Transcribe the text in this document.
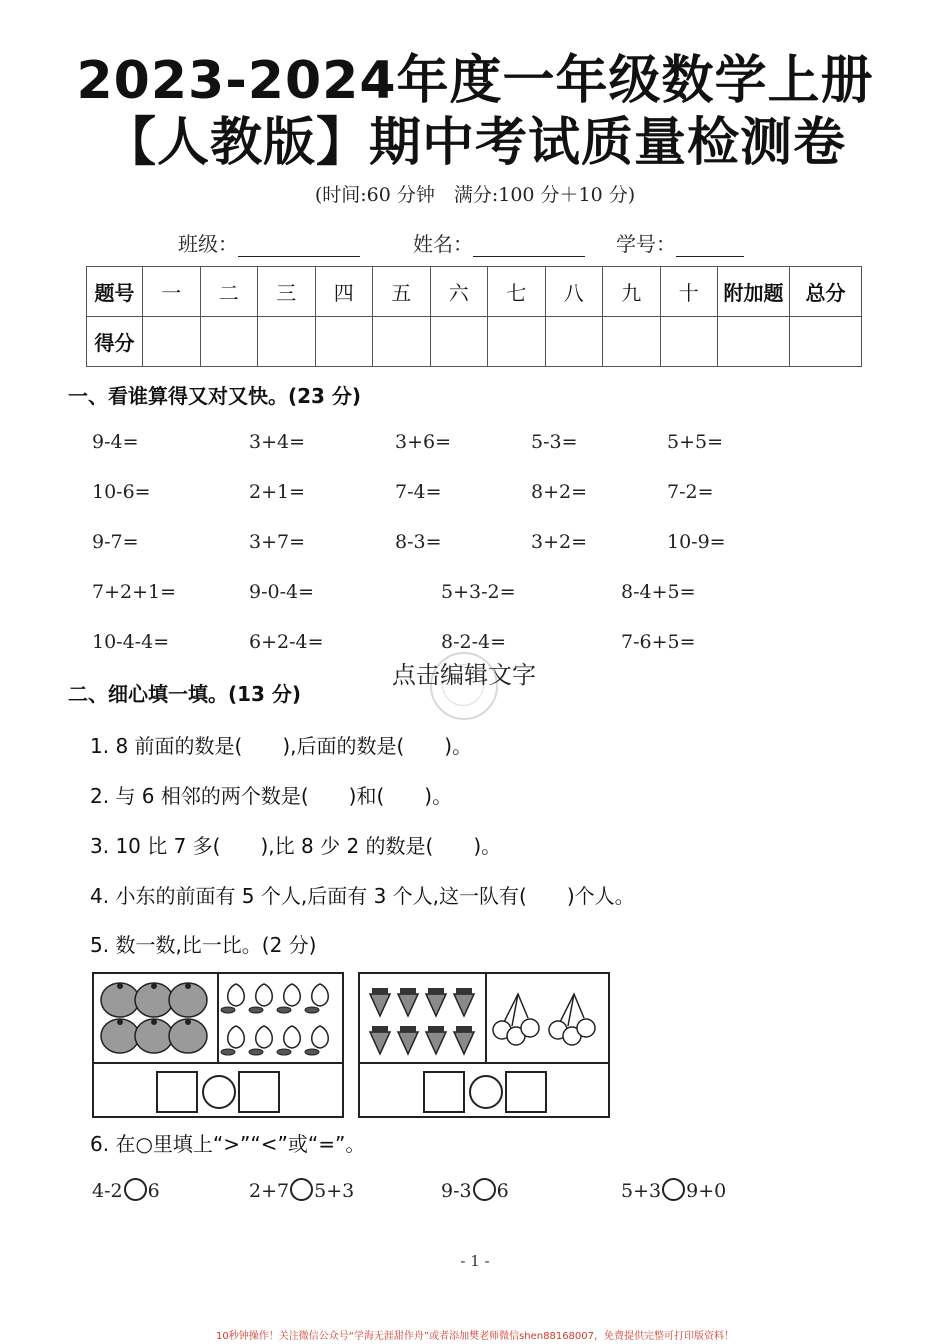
2023-2024年度一年级数学上册
【人教版】期中考试质量检测卷
(时间:60 分钟　满分:100 分＋10 分)
班级：	姓名：	学号：
题号	一	二	三	四	五	六	七	八	九	十	附加题	总分
得分												
一、看谁算得又对又快。(23 分)
9-4=	3+4=	3+6=	5-3=	5+5=
10-6=	2+1=	7-4=	8+2=	7-2=
9-7=	3+7=	8-3=	3+2=	10-9=
7+2+1=	9-0-4=	5+3-2=	8-4+5=
10-4-4=	6+2-4=	8-2-4=	7-6+5=
点击编辑文字
二、细心填一填。(13 分)
1. 8 前面的数是(　　),后面的数是(　　)。
2. 与 6 相邻的两个数是(　　)和(　　)。
3. 10 比 7 多(　　),比 8 少 2 的数是(　　)。
4. 小东的前面有 5 个人,后面有 3 个人,这一队有(　　)个人。
5. 数一数,比一比。(2 分)
6. 在○里填上“>”“<”或“=”。
4-2 6	2+7 5+3	9-3 6	5+3 9+0
- 1 -
10秒钟操作！关注微信公众号“学海无涯甜作舟”或者添加樊老师微信shen88168007，免费提供完整可打印版资料！
